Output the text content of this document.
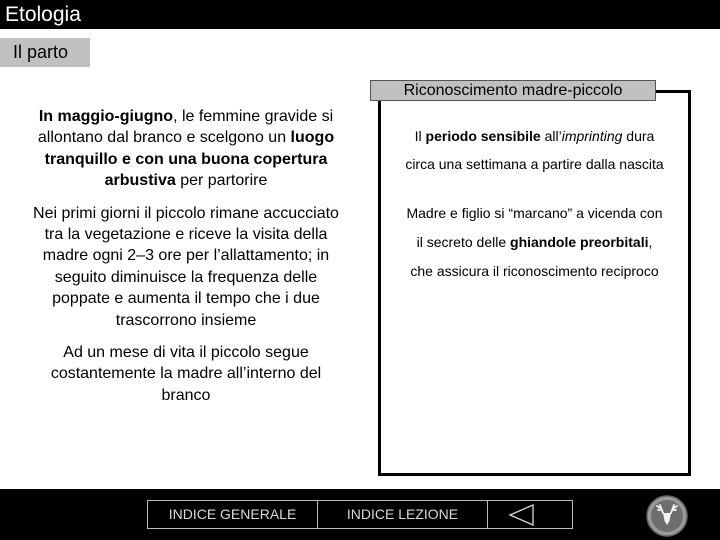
Etologia
Il parto

In maggio-giugno, le femmine gravide si allontano dal branco e scelgono un luogo tranquillo e con una buona copertura arbustiva per partorire

Nei primi giorni il piccolo rimane accucciato tra la vegetazione e riceve la visita della madre ogni 2–3 ore per l’allattamento; in seguito diminuisce la frequenza delle poppate e aumenta il tempo che i due trascorrono insieme

Ad un mese di vita il piccolo segue costantemente la madre all’interno del branco

Riconoscimento madre-piccolo
Il periodo sensibile all’imprinting dura
circa una settimana a partire dalla nascita
Madre e figlio si “marcano” a vicenda con
il secreto delle ghiandole preorbitali,
che assicura il riconoscimento reciproco
INDICE GENERALE	INDICE LEZIONE
